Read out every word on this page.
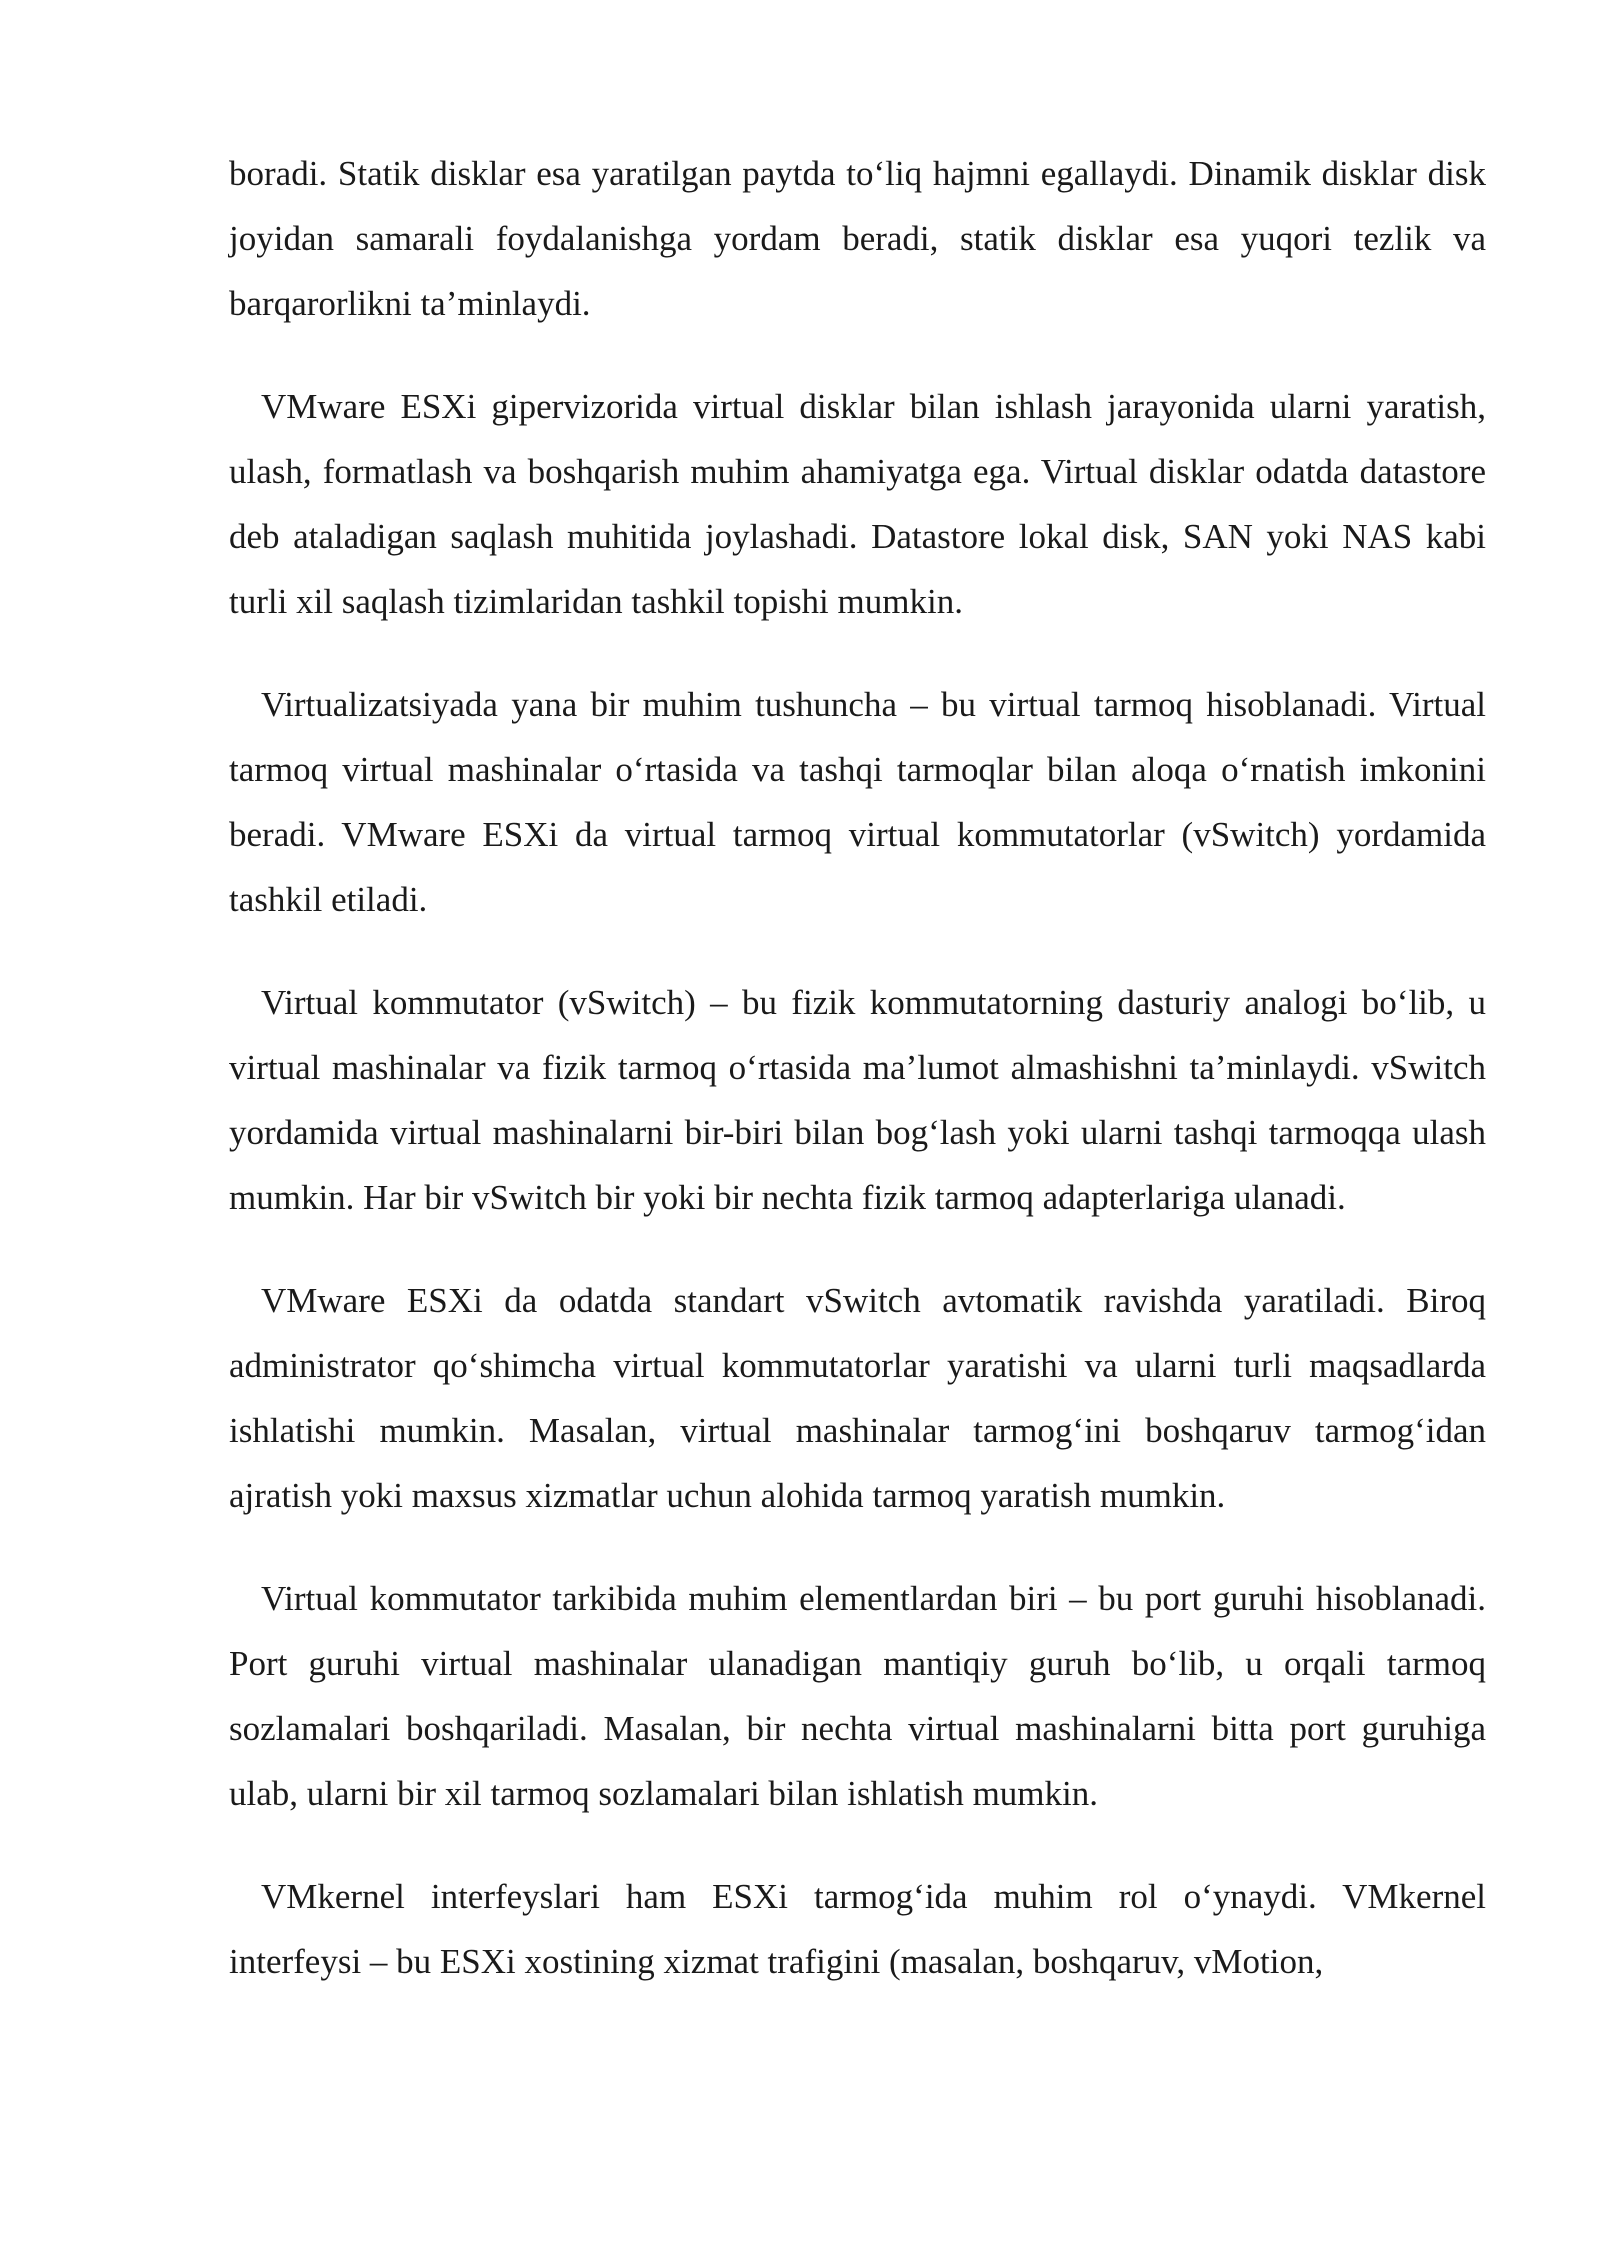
boradi. Statik disklar esa yaratilgan paytda to‘liq hajmni egallaydi. Dinamik disklar disk joyidan samarali foydalanishga yordam beradi, statik disklar esa yuqori tezlik va barqarorlikni ta’minlaydi.

VMware ESXi gipervizorida virtual disklar bilan ishlash jarayonida ularni yaratish, ulash, formatlash va boshqarish muhim ahamiyatga ega. Virtual disklar odatda datastore deb ataladigan saqlash muhitida joylashadi. Datastore lokal disk, SAN yoki NAS kabi turli xil saqlash tizimlaridan tashkil topishi mumkin.

Virtualizatsiyada yana bir muhim tushuncha – bu virtual tarmoq hisoblanadi. Virtual tarmoq virtual mashinalar o‘rtasida va tashqi tarmoqlar bilan aloqa o‘rnatish imkonini beradi. VMware ESXi da virtual tarmoq virtual kommutatorlar (vSwitch) yordamida tashkil etiladi.

Virtual kommutator (vSwitch) – bu fizik kommutatorning dasturiy analogi bo‘lib, u virtual mashinalar va fizik tarmoq o‘rtasida ma’lumot almashishni ta’minlaydi. vSwitch yordamida virtual mashinalarni bir-biri bilan bog‘lash yoki ularni tashqi tarmoqqa ulash mumkin. Har bir vSwitch bir yoki bir nechta fizik tarmoq adapterlariga ulanadi.

VMware ESXi da odatda standart vSwitch avtomatik ravishda yaratiladi. Biroq administrator qo‘shimcha virtual kommutatorlar yaratishi va ularni turli maqsadlarda ishlatishi mumkin. Masalan, virtual mashinalar tarmog‘ini boshqaruv tarmog‘idan ajratish yoki maxsus xizmatlar uchun alohida tarmoq yaratish mumkin.

Virtual kommutator tarkibida muhim elementlardan biri – bu port guruhi hisoblanadi. Port guruhi virtual mashinalar ulanadigan mantiqiy guruh bo‘lib, u orqali tarmoq sozlamalari boshqariladi. Masalan, bir nechta virtual mashinalarni bitta port guruhiga ulab, ularni bir xil tarmoq sozlamalari bilan ishlatish mumkin.

VMkernel interfeyslari ham ESXi tarmog‘ida muhim rol o‘ynaydi. VMkernel interfeysi – bu ESXi xostining xizmat trafigini (masalan, boshqaruv, vMotion,
